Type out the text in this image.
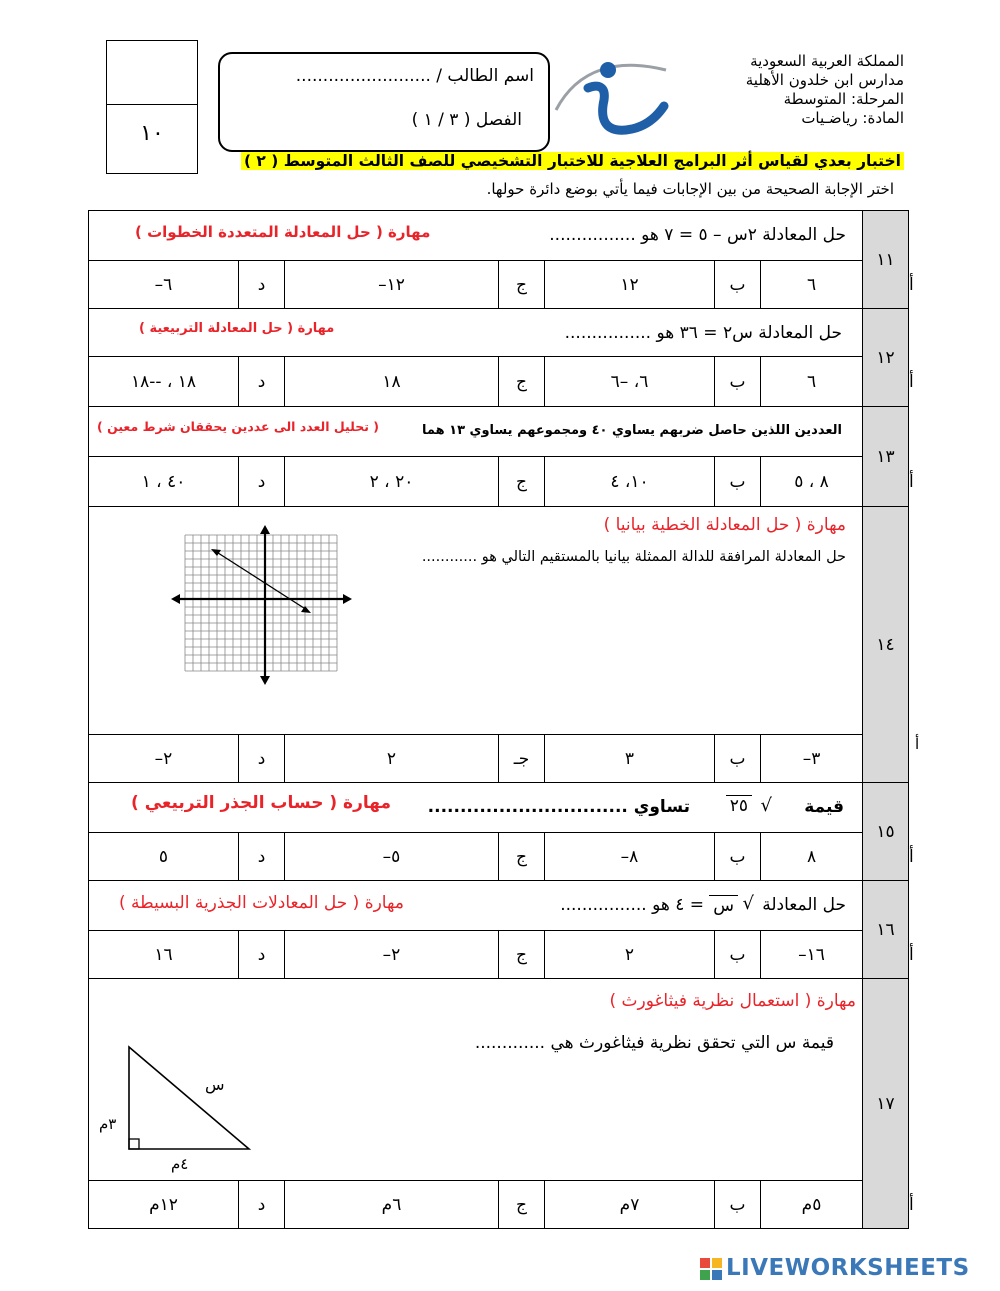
المملكة العربية السعودية
مدارس ابن خلدون الأهلية
المرحلة: المتوسطة
المادة: رياضـيات
اسم الطالب / .........................
الفصل ( ٣ / ١ )
١٠
اختبار بعدي لقياس أثر البرامج العلاجية للاختبار التشخيصي للصف الثالث المتوسط ( ٢ )
اختر الإجابة الصحيحة من بين الإجابات فيما يأتي بوضع دائرة حولها.
حل المعادلة ٢س – ٥ = ٧ هو ................
مهارة ( حل المعادلة المتعددة الخطوات )							١١	
–٦	د	–١٢	ج	١٢	ب	٦		أ

حل المعادلة س٢ = ٣٦ هو ................
مهارة ( حل المعادلة التربيعية )							١٢	
١٨ ، --١٨	د	١٨	ج	٦، –٦	ب	٦		أ

العددين اللذين حاصل ضربهم يساوي ٤٠ ومجموعهم يساوي ١٣ هما
( تحليل العدد الى عددين يحققان شرط معين )							١٣	
٤٠ ، ١	د	٢٠ ، ٢	ج	١٠، ٤	ب	٨ ، ٥		أ

مهارة ( حل المعادلة الخطية بيانيا )
حل المعادلة المرافقة للدالة الممثلة بيانيا بالمستقيم التالي هو ............							١٤	
–٢	د	٢	جـ	٣	ب	–٣		أ

قيمة
٢٥ √
تساوي ...............................
مهارة ( حساب الجذر التربيعي )							١٥	
٥	د	–٥	ج	–٨	ب	٨		أ

حل المعادلة
س √
= ٤ هو ................
مهارة ( حل المعادلات الجذرية البسيطة )							١٦	
١٦	د	–٢	ج	٢	ب	–١٦		أ

مهارة ( استعمال نظرية فيثاغورث )
قيمة س التي تحقق نظرية فيثاغورث هي .............
س
٣م
٤م							١٧	
١٢م	د	٦م	ج	٧م	ب	٥م		أ
LIVEWORKSHEETS
